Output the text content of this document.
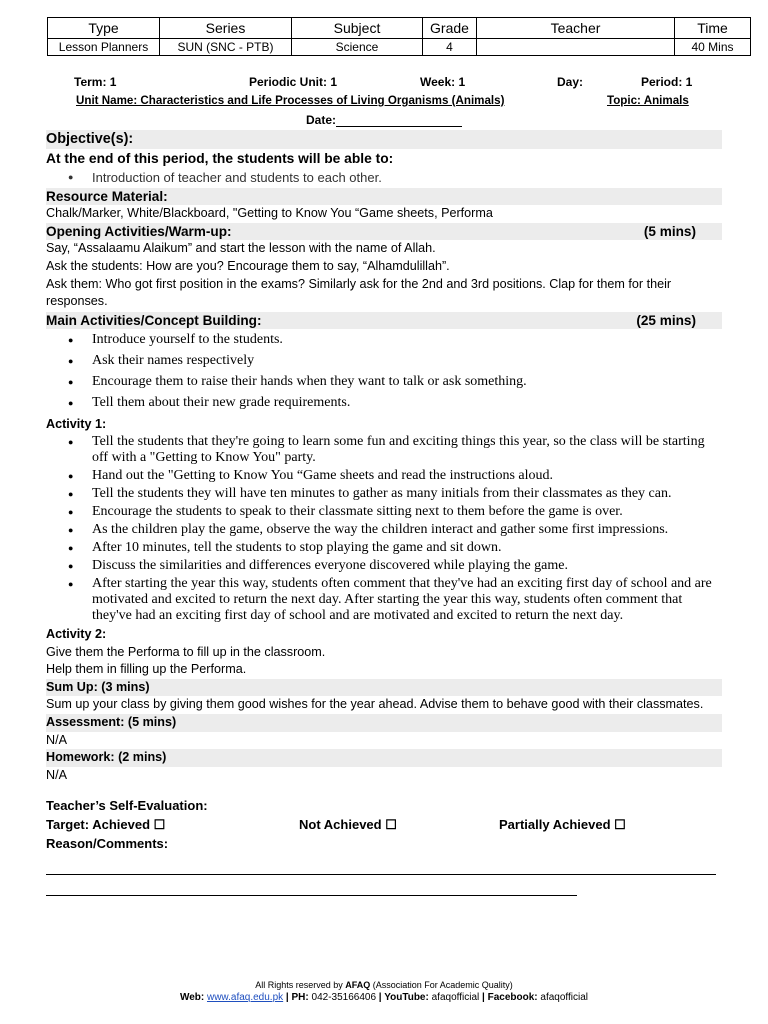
Type	Series	Subject	Grade	Teacher	Time
Lesson Planners	SUN (SNC - PTB)	Science	4		40 Mins
Term: 1	Periodic Unit: 1	Week: 1	Day:	Period: 1
Unit Name: Characteristics and Life Processes of Living Organisms (Animals)	Topic: Animals
Date:
Objective(s):
At the end of this period, the students will be able to:
● Introduction of teacher and students to each other.
Resource Material:
Chalk/Marker, White/Blackboard, "Getting to Know You “Game sheets, Performa
Opening Activities/Warm-up:	(5 mins)
Say, “Assalaamu Alaikum” and start the lesson with the name of Allah.
Ask the students: How are you? Encourage them to say, “Alhamdulillah”.
Ask them: Who got first position in the exams? Similarly ask for the 2nd and 3rd positions. Clap for them for their responses.
Main Activities/Concept Building:	(25 mins)
● Introduce yourself to the students.
● Ask their names respectively
● Encourage them to raise their hands when they want to talk or ask something.
● Tell them about their new grade requirements.
Activity 1:
● Tell the students that they're going to learn some fun and exciting things this year, so the class will be starting off with a "Getting to Know You" party.
● Hand out the "Getting to Know You “Game sheets and read the instructions aloud.
● Tell the students they will have ten minutes to gather as many initials from their classmates as they can.
● Encourage the students to speak to their classmate sitting next to them before the game is over.
● As the children play the game, observe the way the children interact and gather some first impressions.
● After 10 minutes, tell the students to stop playing the game and sit down.
● Discuss the similarities and differences everyone discovered while playing the game.
● After starting the year this way, students often comment that they've had an exciting first day of school and are motivated and excited to return the next day. After starting the year this way, students often comment that they've had an exciting first day of school and are motivated and excited to return the next day.
Activity 2:
Give them the Performa to fill up in the classroom.
Help them in filling up the Performa.
Sum Up: (3 mins)
Sum up your class by giving them good wishes for the year ahead. Advise them to behave good with their classmates.
Assessment: (5 mins)
N/A
Homework: (2 mins)
N/A
Teacher’s Self-Evaluation:
Target: Achieved ☐	Not Achieved ☐	Partially Achieved ☐
Reason/Comments:
All Rights reserved by AFAQ (Association For Academic Quality)
Web: www.afaq.edu.pk | PH: 042-35166406 | YouTube: afaqofficial | Facebook: afaqofficial
